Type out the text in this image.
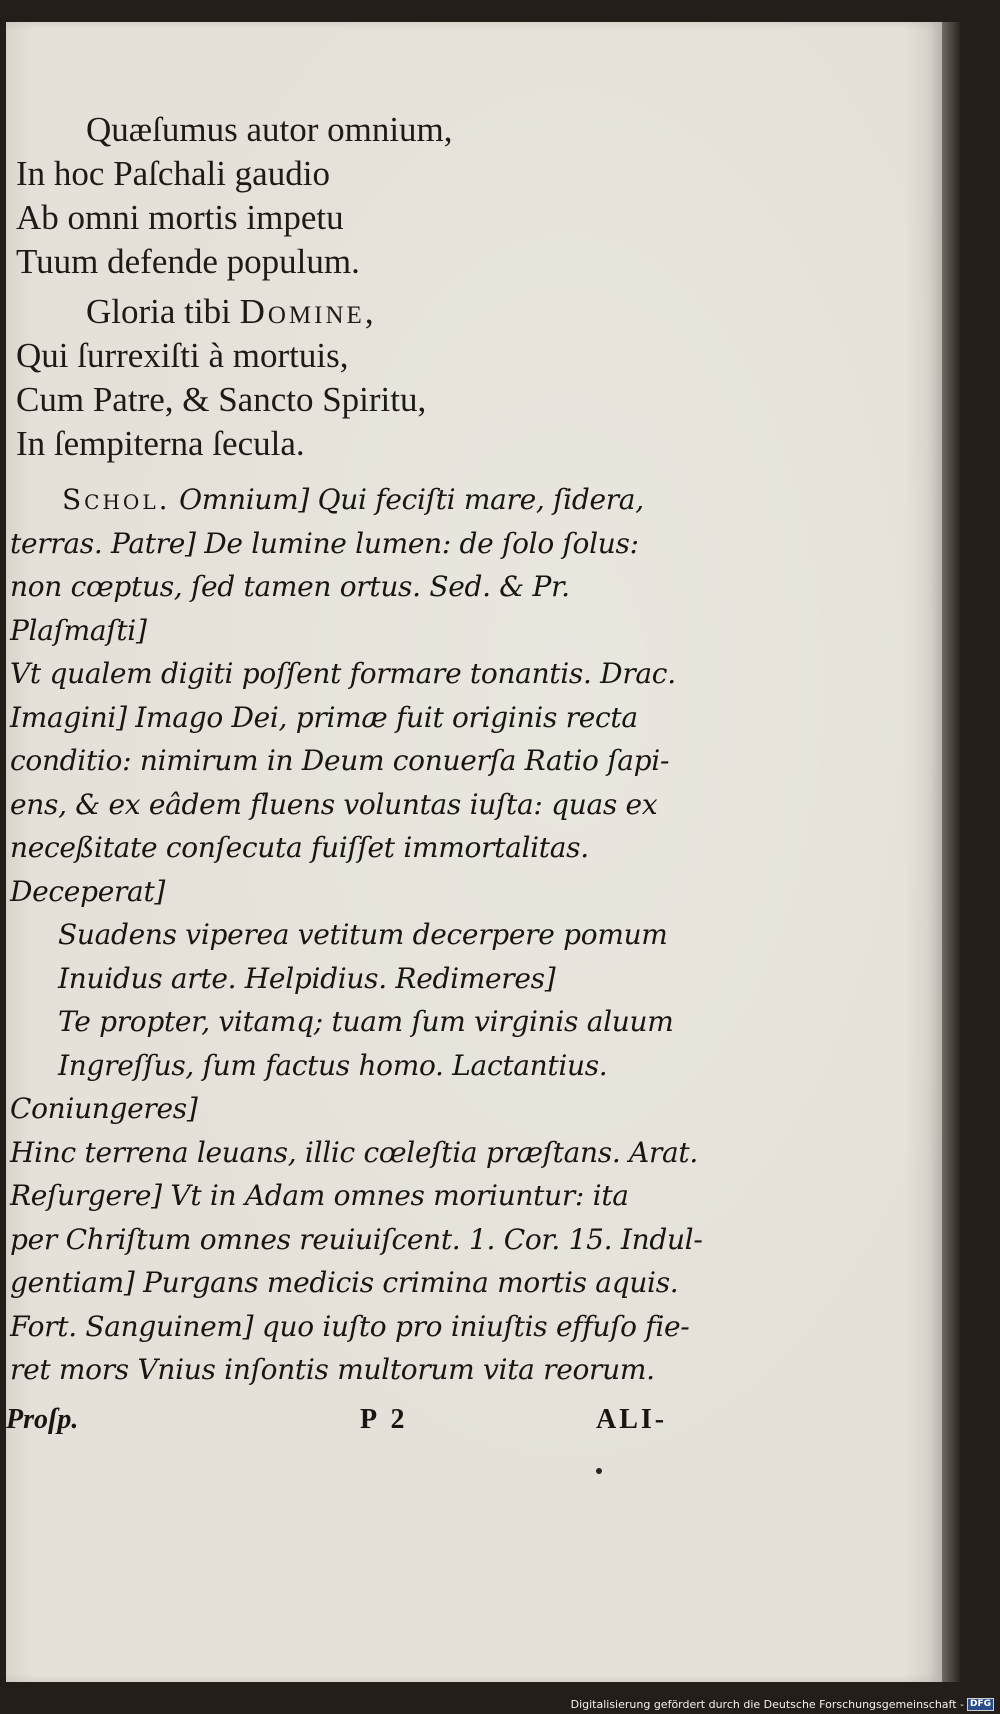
Quæſumus autor omnium,
In hoc Paſchali gaudio
Ab omni mortis impetu
Tuum defende populum.
Gloria tibi Domine,
Qui ſurrexiſti à mortuis,
Cum Patre, & Sancto Spiritu,
In ſempiterna ſecula.
Schol. Omnium] Qui feciſti mare, ſidera,
terras. Patre] De lumine lumen: de ſolo ſolus:
non cœptus, ſed tamen ortus. Sed. & Pr.
Plaſmaſti]
Vt qualem digiti poſſent formare tonantis. Drac.
Imagini] Imago Dei, primæ fuit originis recta
conditio: nimirum in Deum conuerſa Ratio ſapi-
ens, & ex eâdem fluens voluntas iuſta: quas ex
neceßitate conſecuta fuiſſet immortalitas.
Deceperat]
Suadens viperea vetitum decerpere pomum
Inuidus arte. Helpidius. Redimeres]
Te propter, vitamq; tuam ſum virginis aluum
Ingreſſus, ſum factus homo. Lactantius.
Coniungeres]
Hinc terrena leuans, illic cœleſtia præſtans. Arat.
Reſurgere] Vt in Adam omnes moriuntur: ita
per Chriſtum omnes reuiuiſcent. 1. Cor. 15. Indul-
gentiam] Purgans medicis crimina mortis aquis.
Fort. Sanguinem] quo iuſto pro iniuſtis effuſo fie-
ret mors Vnius inſontis multorum vita reorum.
Proſp.	P 2	ALI-
Digitalisierung gefördert durch die Deutsche Forschungsgemeinschaft - DFG
